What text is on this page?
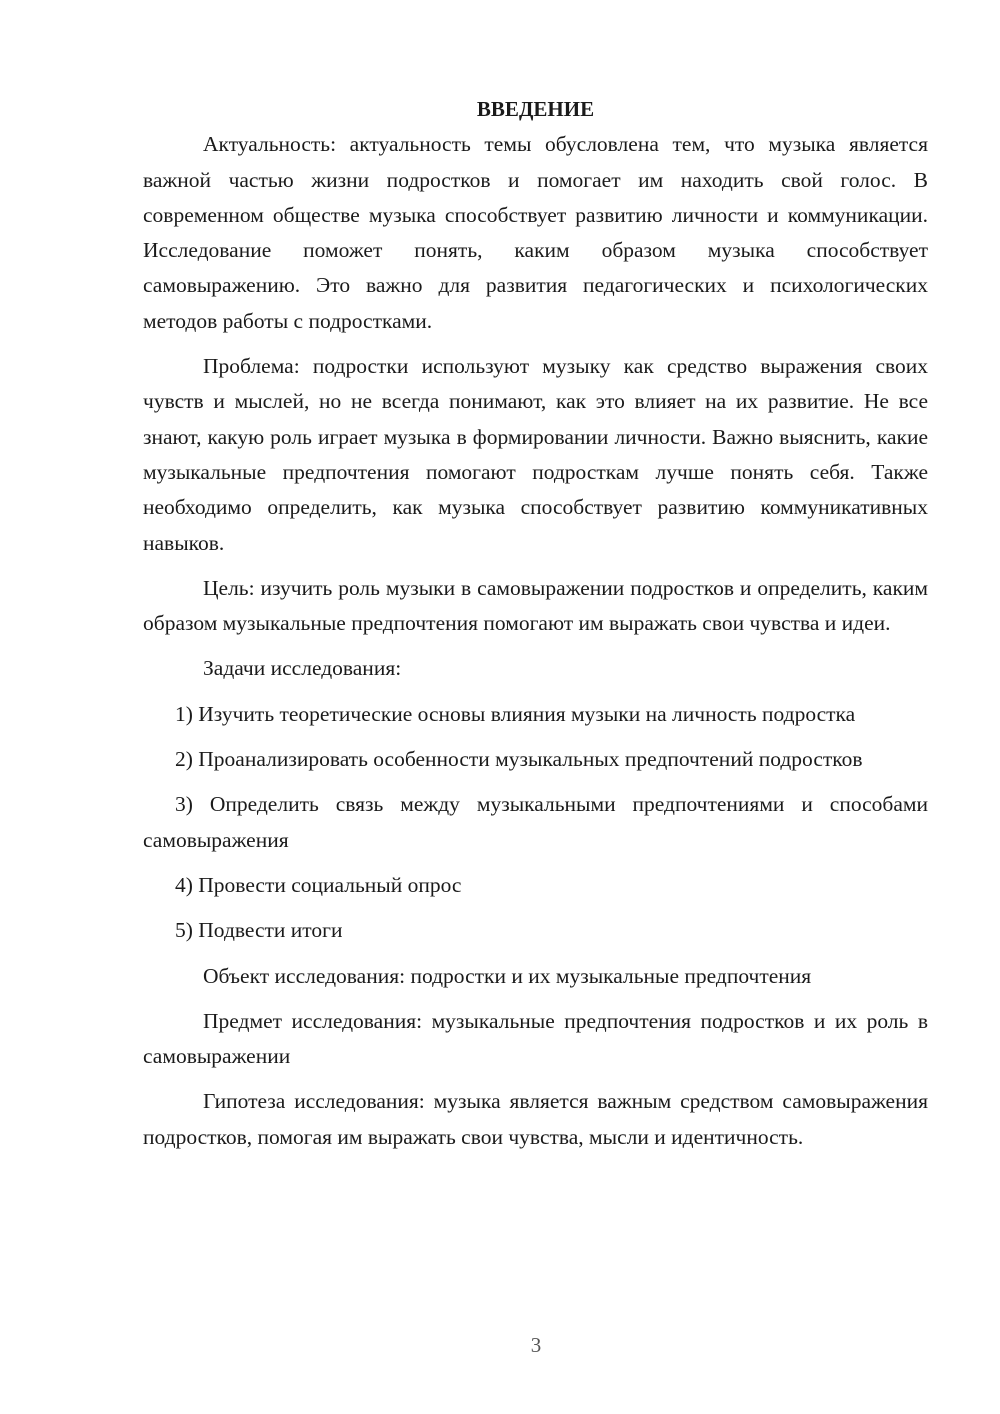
ВВЕДЕНИЕ

Актуальность: актуальность темы обусловлена тем, что музыка является важной частью жизни подростков и помогает им находить свой голос. В современном обществе музыка способствует развитию личности и коммуникации. Исследование поможет понять, каким образом музыка способствует самовыражению. Это важно для развития педагогических и психологических методов работы с подростками.

Проблема: подростки используют музыку как средство выражения своих чувств и мыслей, но не всегда понимают, как это влияет на их развитие. Не все знают, какую роль играет музыка в формировании личности. Важно выяснить, какие музыкальные предпочтения помогают подросткам лучше понять себя. Также необходимо определить, как музыка способствует развитию коммуникативных навыков.

Цель: изучить роль музыки в самовыражении подростков и определить, каким образом музыкальные предпочтения помогают им выражать свои чувства и идеи.

Задачи исследования:

1) Изучить теоретические основы влияния музыки на личность подростка

2) Проанализировать особенности музыкальных предпочтений подростков

3) Определить связь между музыкальными предпочтениями и способами самовыражения

4) Провести социальный опрос

5) Подвести итоги

Объект исследования: подростки и их музыкальные предпочтения

Предмет исследования: музыкальные предпочтения подростков и их роль в самовыражении

Гипотеза исследования: музыка является важным средством самовыражения подростков, помогая им выражать свои чувства, мысли и идентичность.

3
